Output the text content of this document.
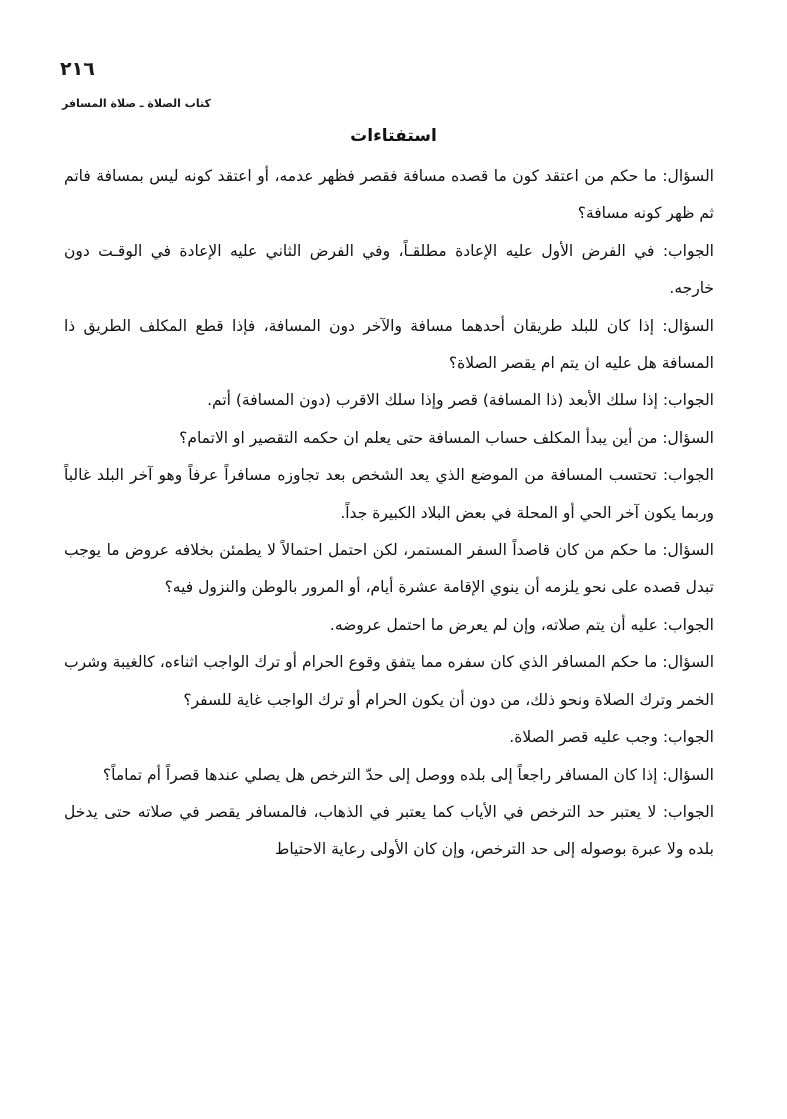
٢١٦
كتاب الصلاة ـ صلاة المسافر
استفتاءات

السؤال: ما حكم من اعتقد كون ما قصده مسافة فقصر فظهر عدمه، أو اعتقد كونه ليس بمسافة فاتم ثم ظهر كونه مسافة؟

الجواب: في الفرض الأول عليه الإعادة مطلقـاً، وفي الفرض الثاني عليه الإعادة في الوقـت دون خارجه.

السؤال: إذا كان للبلد طريقان أحدهما مسافة والآخر دون المسافة، فإذا قطع المكلف الطريق ذا المسافة هل عليه ان يتم ام يقصر الصلاة؟

الجواب: إذا سلك الأبعد (ذا المسافة) قصر وإذا سلك الاقرب (دون المسافة) أتم.

السؤال: من أين يبدأ المكلف حساب المسافة حتى يعلم ان حكمه التقصير او الاتمام؟

الجواب: تحتسب المسافة من الموضع الذي يعد الشخص بعد تجاوزه مسافراً عرفاً وهو آخر البلد غالباً وربما يكون آخر الحي أو المحلة في بعض البلاد الكبيرة جداً.

السؤال: ما حكم من كان قاصداً السفر المستمر، لكن احتمل احتمالاً لا يطمئن بخلافه عروض ما يوجب تبدل قصده على نحو يلزمه أن ينوي الإقامة عشرة أيام، أو المرور بالوطن والنزول فيه؟

الجواب: عليه أن يتم صلاته، وإن لم يعرض ما احتمل عروضه.

السؤال: ما حكم المسافر الذي كان سفره مما يتفق وقوع الحرام أو ترك الواجب اثناءه، كالغيبة وشرب الخمر وترك الصلاة ونحو ذلك، من دون أن يكون الحرام أو ترك الواجب غاية للسفر؟

الجواب: وجب عليه قصر الصلاة.

السؤال: إذا كان المسافر راجعاً إلى بلده ووصل إلى حدّ الترخص هل يصلي عندها قصراً أم تماماً؟

الجواب: لا يعتبر حد الترخص في الأياب كما يعتبر في الذهاب، فالمسافر يقصر في صلاته حتى يدخل بلده ولا عبرة بوصوله إلى حد الترخص، وإن كان الأولى رعاية الاحتياط
